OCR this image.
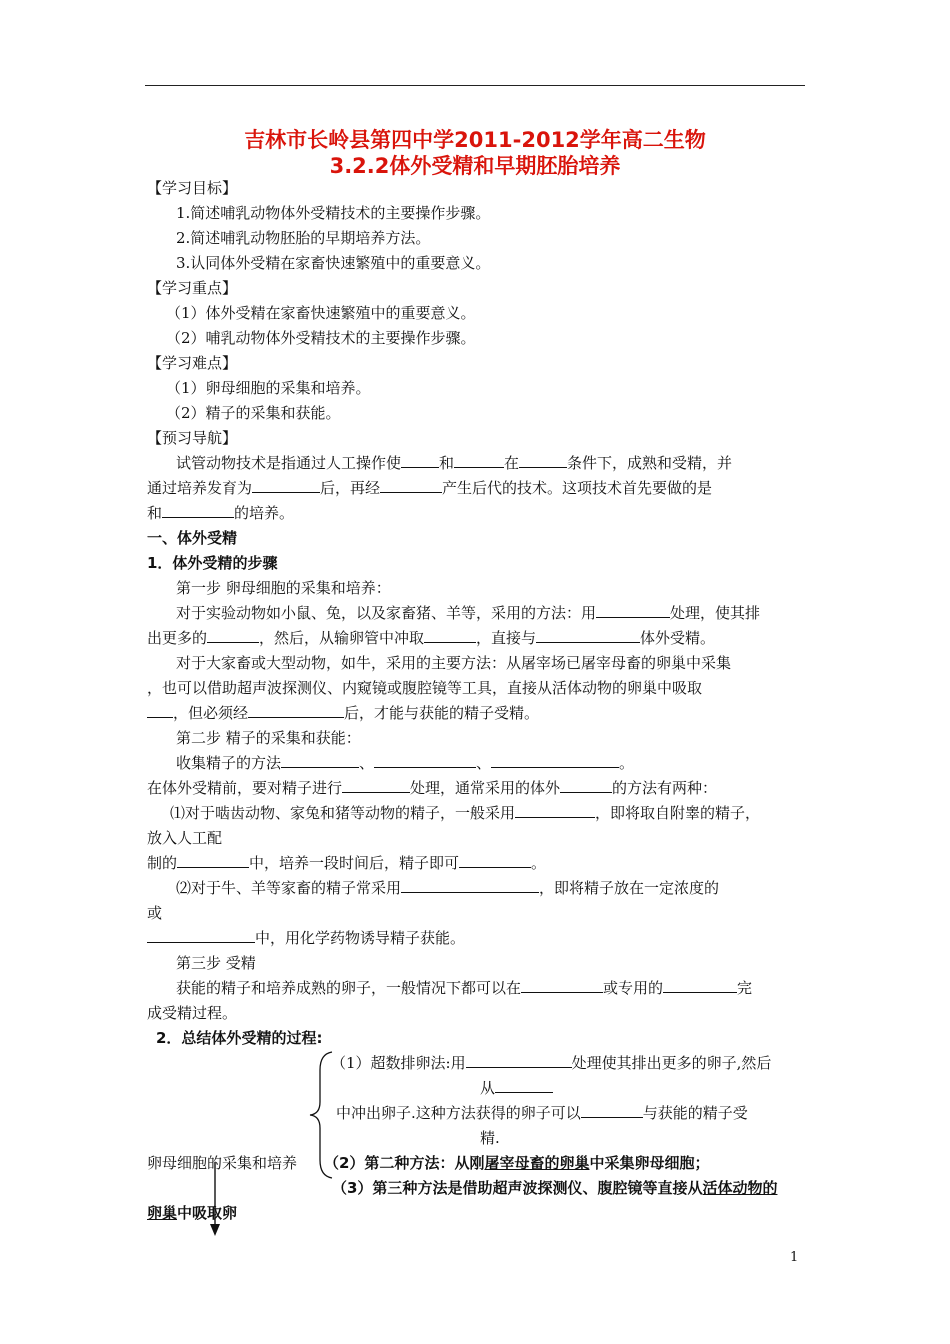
吉林市长岭县第四中学2011-2012学年高二生物
3.2.2体外受精和早期胚胎培养
【学习目标】
1.简述哺乳动物体外受精技术的主要操作步骤。
2.简述哺乳动物胚胎的早期培养方法。
3.认同体外受精在家畜快速繁殖中的重要意义。
【学习重点】
（1）体外受精在家畜快速繁殖中的重要意义。
（2）哺乳动物体外受精技术的主要操作步骤。
【学习难点】
（1）卵母细胞的采集和培养。
（2）精子的采集和获能。
【预习导航】
试管动物技术是指通过人工操作使	和	在	条件下，成熟和受精，并
通过培养发育为	后，再经	产生后代的技术。这项技术首先要做的是
和	的培养。
一、体外受精
1．体外受精的步骤
第一步 卵母细胞的采集和培养：
对于实验动物如小鼠、兔，以及家畜猪、羊等，采用的方法：用	处理，使其排
出更多的	，然后，从输卵管中冲取	，直接与	体外受精。
对于大家畜或大型动物，如牛，采用的主要方法：从屠宰场已屠宰母畜的卵巢中采集
，也可以借助超声波探测仪、内窥镜或腹腔镜等工具，直接从活体动物的卵巢中吸取
，但必须经	后，才能与获能的精子受精。
第二步 精子的采集和获能：
收集精子的方法	、	、	。
在体外受精前，要对精子进行	处理，通常采用的体外	的方法有两种：
⑴对于啮齿动物、家兔和猪等动物的精子，一般采用	，即将取自附睾的精子，
放入人工配
制的	中，培养一段时间后，精子即可	。
⑵对于牛、羊等家畜的精子常采用	，即将精子放在一定浓度的
或
中，用化学药物诱导精子获能。
第三步 受精
获能的精子和培养成熟的卵子，一般情况下都可以在	或专用的	完
成受精过程。
2．总结体外受精的过程:
（1）超数排卵法:用	处理使其排出更多的卵子,然后
从
中冲出卵子.这种方法获得的卵子可以	与获能的精子受
精.
卵母细胞的采集和培养 （2）第二种方法：从刚屠宰母畜的卵巢中采集卵母细胞；
（3）第三种方法是借助超声波探测仪、腹腔镜等直接从活体动物的
卵巢中吸取卵
1
